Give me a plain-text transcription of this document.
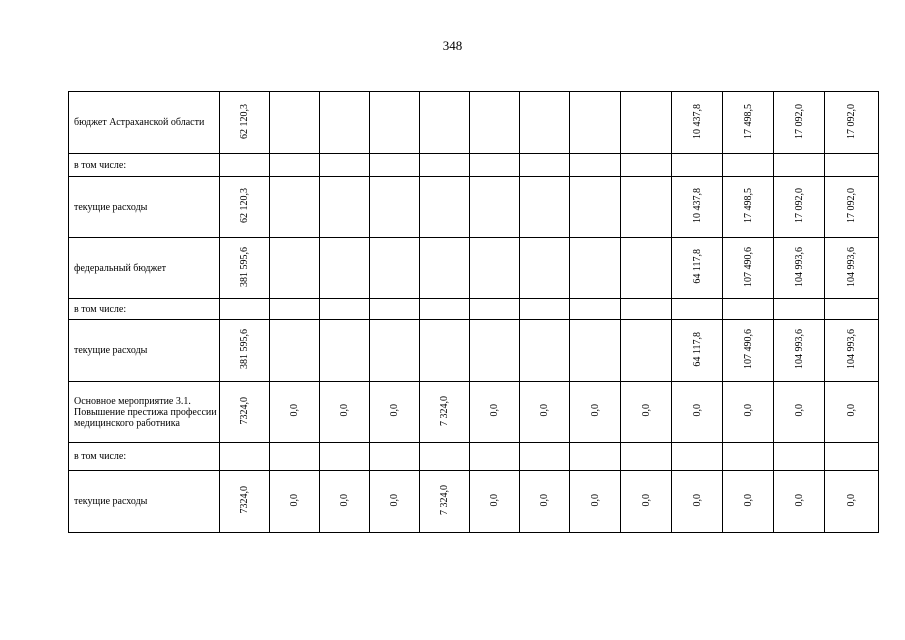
348
бюджет Астраханской области	62 120,3									10 437,8	17 498,5	17 092,0	17 092,0

в том числе:													

текущие расходы	62 120,3									10 437,8	17 498,5	17 092,0	17 092,0

федеральный бюджет	381 595,6									64 117,8	107 490,6	104 993,6	104 993,6

в том числе:													

текущие расходы	381 595,6									64 117,8	107 490,6	104 993,6	104 993,6

Основное мероприятие 3.1. Повышение престижа профессии медицинского работника	7324,0	0,0	0,0	0,0	7 324,0	0,0	0,0	0,0	0,0	0,0	0,0	0,0	0,0

в том числе:													

текущие расходы	7324,0	0,0	0,0	0,0	7 324,0	0,0	0,0	0,0	0,0	0,0	0,0	0,0	0,0
